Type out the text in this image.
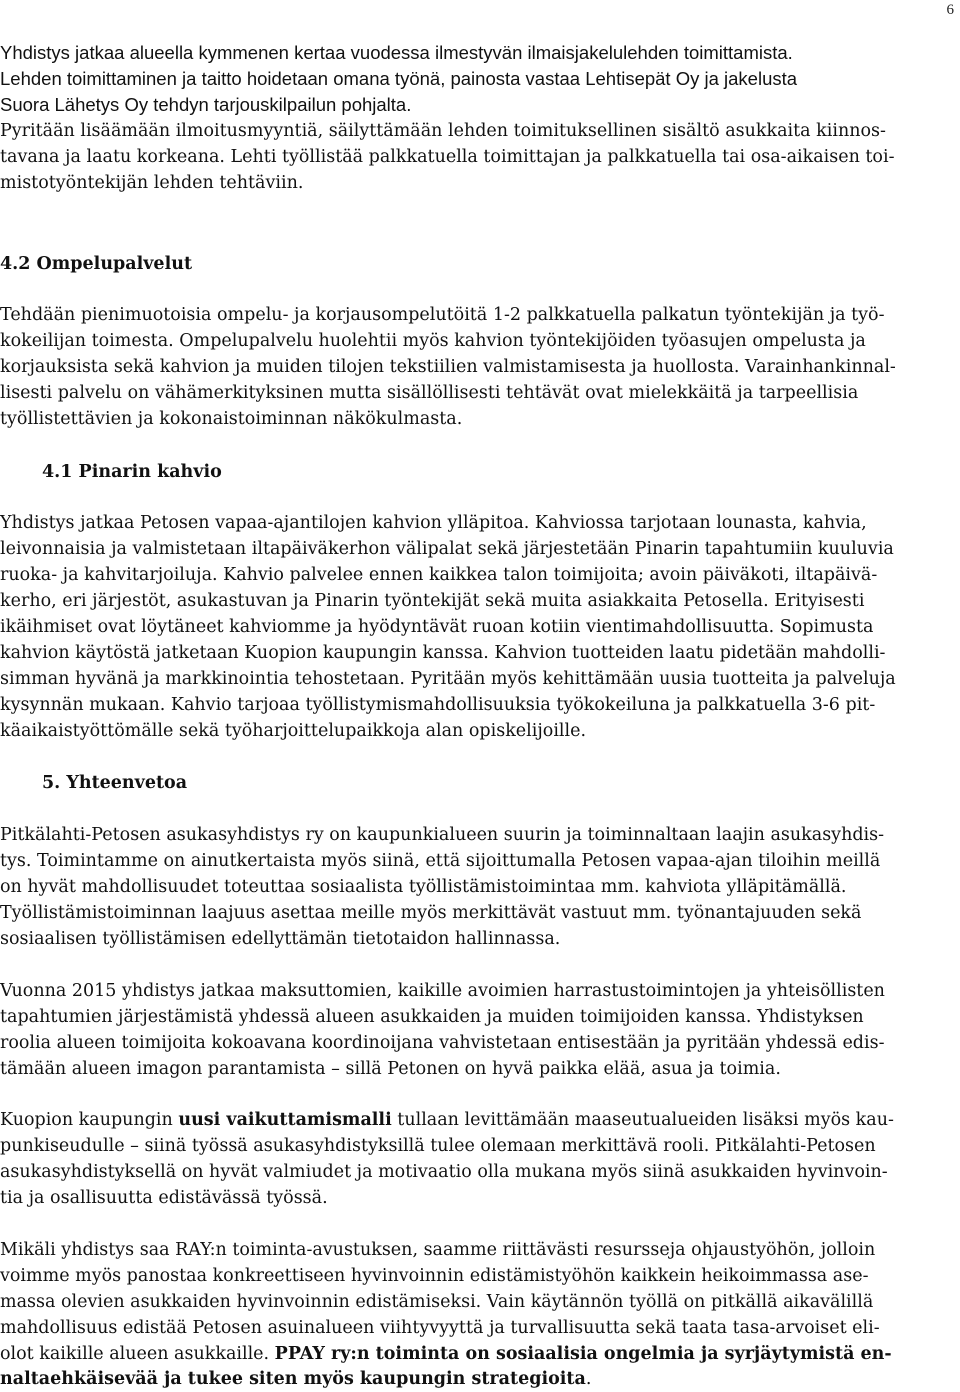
6
Yhdistys jatkaa alueella kymmenen kertaa vuodessa ilmestyvän ilmaisjakelulehden toimittamista.
Lehden toimittaminen ja taitto hoidetaan omana työnä, painosta vastaa Lehtisepät Oy ja jakelusta
Suora Lähetys Oy tehdyn tarjouskilpailun pohjalta.
Pyritään lisäämään ilmoitusmyyntiä, säilyttämään lehden toimituksellinen sisältö asukkaita kiinnos-
tavana ja laatu korkeana. Lehti työllistää palkkatuella toimittajan ja palkkatuella tai osa-aikaisen toi-
mistotyöntekijän lehden tehtäviin.
4.2 Ompelupalvelut
Tehdään pienimuotoisia ompelu- ja korjausompelutöitä 1-2 palkkatuella palkatun työntekijän ja työ-
kokeilijan toimesta. Ompelupalvelu huolehtii myös kahvion työntekijöiden työasujen ompelusta ja
korjauksista sekä kahvion ja muiden tilojen tekstiilien valmistamisesta ja huollosta. Varainhankinnal-
lisesti palvelu on vähämerkityksinen mutta sisällöllisesti tehtävät ovat mielekkäitä ja tarpeellisia
työllistettävien ja kokonaistoiminnan näkökulmasta.
4.1 Pinarin kahvio
Yhdistys jatkaa Petosen vapaa-ajantilojen kahvion ylläpitoa. Kahviossa tarjotaan lounasta, kahvia,
leivonnaisia ja valmistetaan iltapäiväkerhon välipalat sekä järjestetään Pinarin tapahtumiin kuuluvia
ruoka- ja kahvitarjoiluja. Kahvio palvelee ennen kaikkea talon toimijoita; avoin päiväkoti, iltapäivä-
kerho, eri järjestöt, asukastuvan ja Pinarin työntekijät sekä muita asiakkaita Petosella. Erityisesti
ikäihmiset ovat löytäneet kahviomme ja hyödyntävät ruoan kotiin vientimahdollisuutta. Sopimusta
kahvion käytöstä jatketaan Kuopion kaupungin kanssa. Kahvion tuotteiden laatu pidetään mahdolli-
simman hyvänä ja markkinointia tehostetaan. Pyritään myös kehittämään uusia tuotteita ja palveluja
kysynnän mukaan. Kahvio tarjoaa työllistymismahdollisuuksia työkokeiluna ja palkkatuella 3-6 pit-
käaikaistyöttömälle sekä työharjoittelupaikkoja alan opiskelijoille.
5. Yhteenvetoa
Pitkälahti-Petosen asukasyhdistys ry on kaupunkialueen suurin ja toiminnaltaan laajin asukasyhdis-
tys. Toimintamme on ainutkertaista myös siinä, että sijoittumalla Petosen vapaa-ajan tiloihin meillä
on hyvät mahdollisuudet toteuttaa sosiaalista työllistämistoimintaa mm. kahviota ylläpitämällä.
Työllistämistoiminnan laajuus asettaa meille myös merkittävät vastuut mm. työnantajuuden sekä
sosiaalisen työllistämisen edellyttämän tietotaidon hallinnassa.
Vuonna 2015 yhdistys jatkaa maksuttomien, kaikille avoimien harrastustoimintojen ja yhteisöllisten
tapahtumien järjestämistä yhdessä alueen asukkaiden ja muiden toimijoiden kanssa. Yhdistyksen
roolia alueen toimijoita kokoavana koordinoijana vahvistetaan entisestään ja pyritään yhdessä edis-
tämään alueen imagon parantamista – sillä Petonen on hyvä paikka elää, asua ja toimia.
Kuopion kaupungin uusi vaikuttamismalli tullaan levittämään maaseutualueiden lisäksi myös kau-
punkiseudulle – siinä työssä asukasyhdistyksillä tulee olemaan merkittävä rooli. Pitkälahti-Petosen
asukasyhdistyksellä on hyvät valmiudet ja motivaatio olla mukana myös siinä asukkaiden hyvinvoin-
tia ja osallisuutta edistävässä työssä.
Mikäli yhdistys saa RAY:n toiminta-avustuksen, saamme riittävästi resursseja ohjaustyöhön, jolloin
voimme myös panostaa konkreettiseen hyvinvoinnin edistämistyöhön kaikkein heikoimmassa ase-
massa olevien asukkaiden hyvinvoinnin edistämiseksi. Vain käytännön työllä on pitkällä aikavälillä
mahdollisuus edistää Petosen asuinalueen viihtyvyyttä ja turvallisuutta sekä taata tasa-arvoiset eli-
olot kaikille alueen asukkaille. PPAY ry:n toiminta on sosiaalisia ongelmia ja syrjäytymistä en-
naltaehkäisevää ja tukee siten myös kaupungin strategioita.
